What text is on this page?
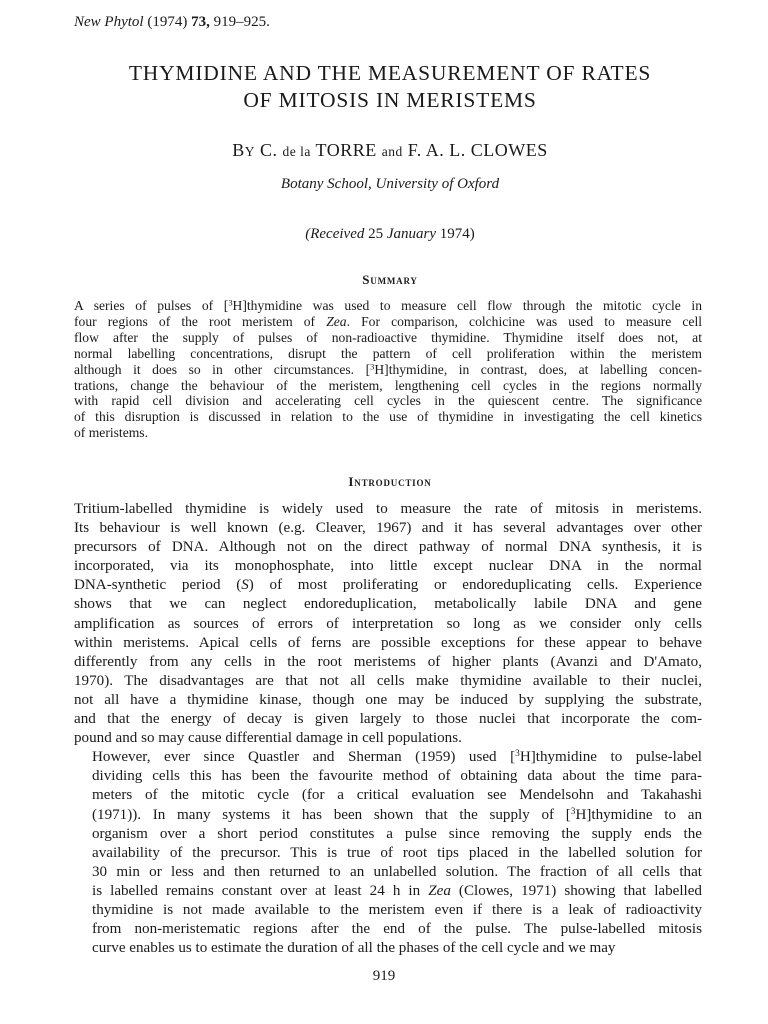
New Phytol (1974) 73, 919–925.

THYMIDINE AND THE MEASUREMENT OF RATES
OF MITOSIS IN MERISTEMS

BY C. de la TORRE and F. A. L. CLOWES

Botany School, University of Oxford

(Received 25 January 1974)

Summary
A series of pulses of [$^3$H]thymidine was used to measure cell flow through the mitotic cycle in
four regions of the root meristem of Zea. For comparison, colchicine was used to measure cell
flow after the supply of pulses of non-radioactive thymidine. Thymidine itself does not, at
normal labelling concentrations, disrupt the pattern of cell proliferation within the meristem
although it does so in other circumstances. [$^3$H]thymidine, in contrast, does, at labelling concen-
trations, change the behaviour of the meristem, lengthening cell cycles in the regions normally
with rapid cell division and accelerating cell cycles in the quiescent centre. The significance
of this disruption is discussed in relation to the use of thymidine in investigating the cell kinetics
of meristems.
Introduction

Tritium-labelled thymidine is widely used to measure the rate of mitosis in meristems.
Its behaviour is well known (e.g. Cleaver, 1967) and it has several advantages over other
precursors of DNA. Although not on the direct pathway of normal DNA synthesis, it is
incorporated, via its monophosphate, into little except nuclear DNA in the normal
DNA-synthetic period (S) of most proliferating or endoreduplicating cells. Experience
shows that we can neglect endoreduplication, metabolically labile DNA and gene
amplification as sources of errors of interpretation so long as we consider only cells
within meristems. Apical cells of ferns are possible exceptions for these appear to behave
differently from any cells in the root meristems of higher plants (Avanzi and D'Amato,
1970). The disadvantages are that not all cells make thymidine available to their nuclei,
not all have a thymidine kinase, though one may be induced by supplying the substrate,
and that the energy of decay is given largely to those nuclei that incorporate the com-
pound and so may cause differential damage in cell populations.

However, ever since Quastler and Sherman (1959) used [$^3$H]thymidine to pulse-label
dividing cells this has been the favourite method of obtaining data about the time para-
meters of the mitotic cycle (for a critical evaluation see Mendelsohn and Takahashi
(1971)). In many systems it has been shown that the supply of [$^3$H]thymidine to an
organism over a short period constitutes a pulse since removing the supply ends the
availability of the precursor. This is true of root tips placed in the labelled solution for
30 min or less and then returned to an unlabelled solution. The fraction of all cells that
is labelled remains constant over at least 24 h in Zea (Clowes, 1971) showing that labelled
thymidine is not made available to the meristem even if there is a leak of radioactivity
from non-meristematic regions after the end of the pulse. The pulse-labelled mitosis
curve enables us to estimate the duration of all the phases of the cell cycle and we may

919
